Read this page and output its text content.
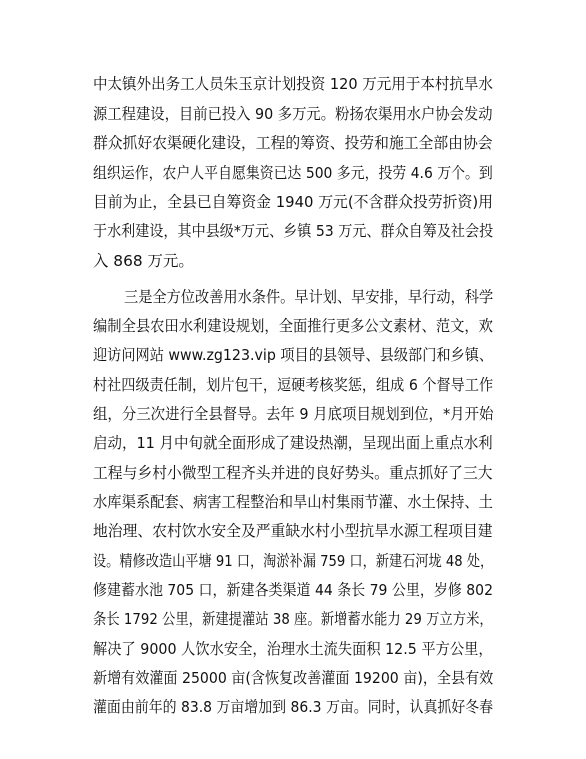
中太镇外出务工人员朱玉京计划投资 120 万元用于本村抗旱水
源工程建设，目前已投入 90 多万元。粉扬农渠用水户协会发动
群众抓好农渠硬化建设，工程的筹资、投劳和施工全部由协会
组织运作，农户人平自愿集资已达 500 多元，投劳 4.6 万个。到
目前为止，全县已自筹资金 1940 万元(不含群众投劳折资)用
于水利建设，其中县级*万元、乡镇 53 万元、群众自筹及社会投
入 868 万元。
三是全方位改善用水条件。早计划、早安排，早行动，科学
编制全县农田水利建设规划，全面推行更多公文素材、范文，欢
迎访问网站 www.zg123.vip 项目的县领导、县级部门和乡镇、
村社四级责任制，划片包干，逗硬考核奖惩，组成 6 个督导工作
组，分三次进行全县督导。去年 9 月底项目规划到位，*月开始
启动，11 月中旬就全面形成了建设热潮，呈现出面上重点水利
工程与乡村小微型工程齐头并进的良好势头。重点抓好了三大
水库渠系配套、病害工程整治和旱山村集雨节灌、水土保持、土
地治理、农村饮水安全及严重缺水村小型抗旱水源工程项目建
设。精修改造山平塘 91 口，淘淤补漏 759 口，新建石河垅 48 处，
修建蓄水池 705 口，新建各类渠道 44 条长 79 公里，岁修 802
条长 1792 公里，新建提灌站 38 座。新增蓄水能力 29 万立方米，
解决了 9000 人饮水安全，治理水土流失面积 12.5 平方公里，
新增有效灌面 25000 亩(含恢复改善灌面 19200 亩)，全县有效
灌面由前年的 83.8 万亩增加到 86.3 万亩。同时，认真抓好冬春
